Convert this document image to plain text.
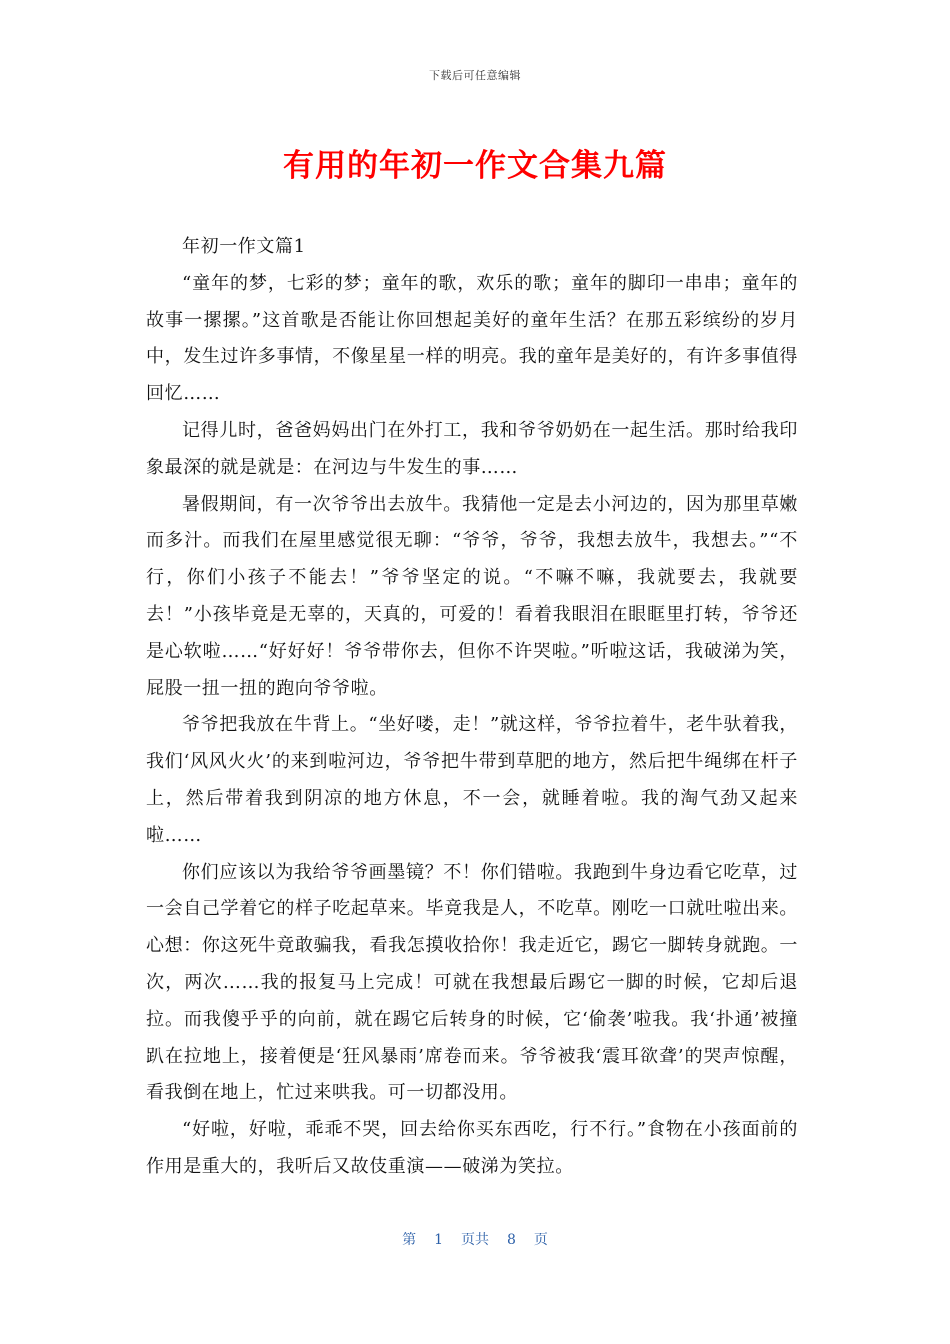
下载后可任意编辑
有用的年初一作文合集九篇

年初一作文篇1

“童年的梦，七彩的梦；童年的歌，欢乐的歌；童年的脚印一串串；童年的故事一摞摞。”这首歌是否能让你回想起美好的童年生活？在那五彩缤纷的岁月中，发生过许多事情，不像星星一样的明亮。我的童年是美好的，有许多事值得回忆……

记得儿时，爸爸妈妈出门在外打工，我和爷爷奶奶在一起生活。那时给我印象最深的就是就是：在河边与牛发生的事……

暑假期间，有一次爷爷出去放牛。我猜他一定是去小河边的，因为那里草嫩而多汁。而我们在屋里感觉很无聊：“爷爷，爷爷，我想去放牛，我想去。”“不行，你们小孩子不能去！”爷爷坚定的说。“不嘛不嘛，我就要去，我就要去！”小孩毕竟是无辜的，天真的，可爱的！看着我眼泪在眼眶里打转，爷爷还是心软啦……“好好好！爷爷带你去，但你不许哭啦。”听啦这话，我破涕为笑，屁股一扭一扭的跑向爷爷啦。

爷爷把我放在牛背上。“坐好喽，走！”就这样，爷爷拉着牛，老牛驮着我，我们‘风风火火’的来到啦河边，爷爷把牛带到草肥的地方，然后把牛绳绑在杆子上，然后带着我到阴凉的地方休息，不一会，就睡着啦。我的淘气劲又起来啦……

你们应该以为我给爷爷画墨镜？不！你们错啦。我跑到牛身边看它吃草，过一会自己学着它的样子吃起草来。毕竟我是人，不吃草。刚吃一口就吐啦出来。心想：你这死牛竟敢骗我，看我怎摸收拾你！我走近它，踢它一脚转身就跑。一次，两次……我的报复马上完成！可就在我想最后踢它一脚的时候，它却后退拉。而我傻乎乎的向前，就在踢它后转身的时候，它‘偷袭’啦我。我‘扑通’被撞趴在拉地上，接着便是‘狂风暴雨’席卷而来。爷爷被我‘震耳欲聋’的哭声惊醒，看我倒在地上，忙过来哄我。可一切都没用。

“好啦，好啦，乖乖不哭，回去给你买东西吃，行不行。”食物在小孩面前的作用是重大的，我听后又故伎重演——破涕为笑拉。

第 1 页共 8 页
